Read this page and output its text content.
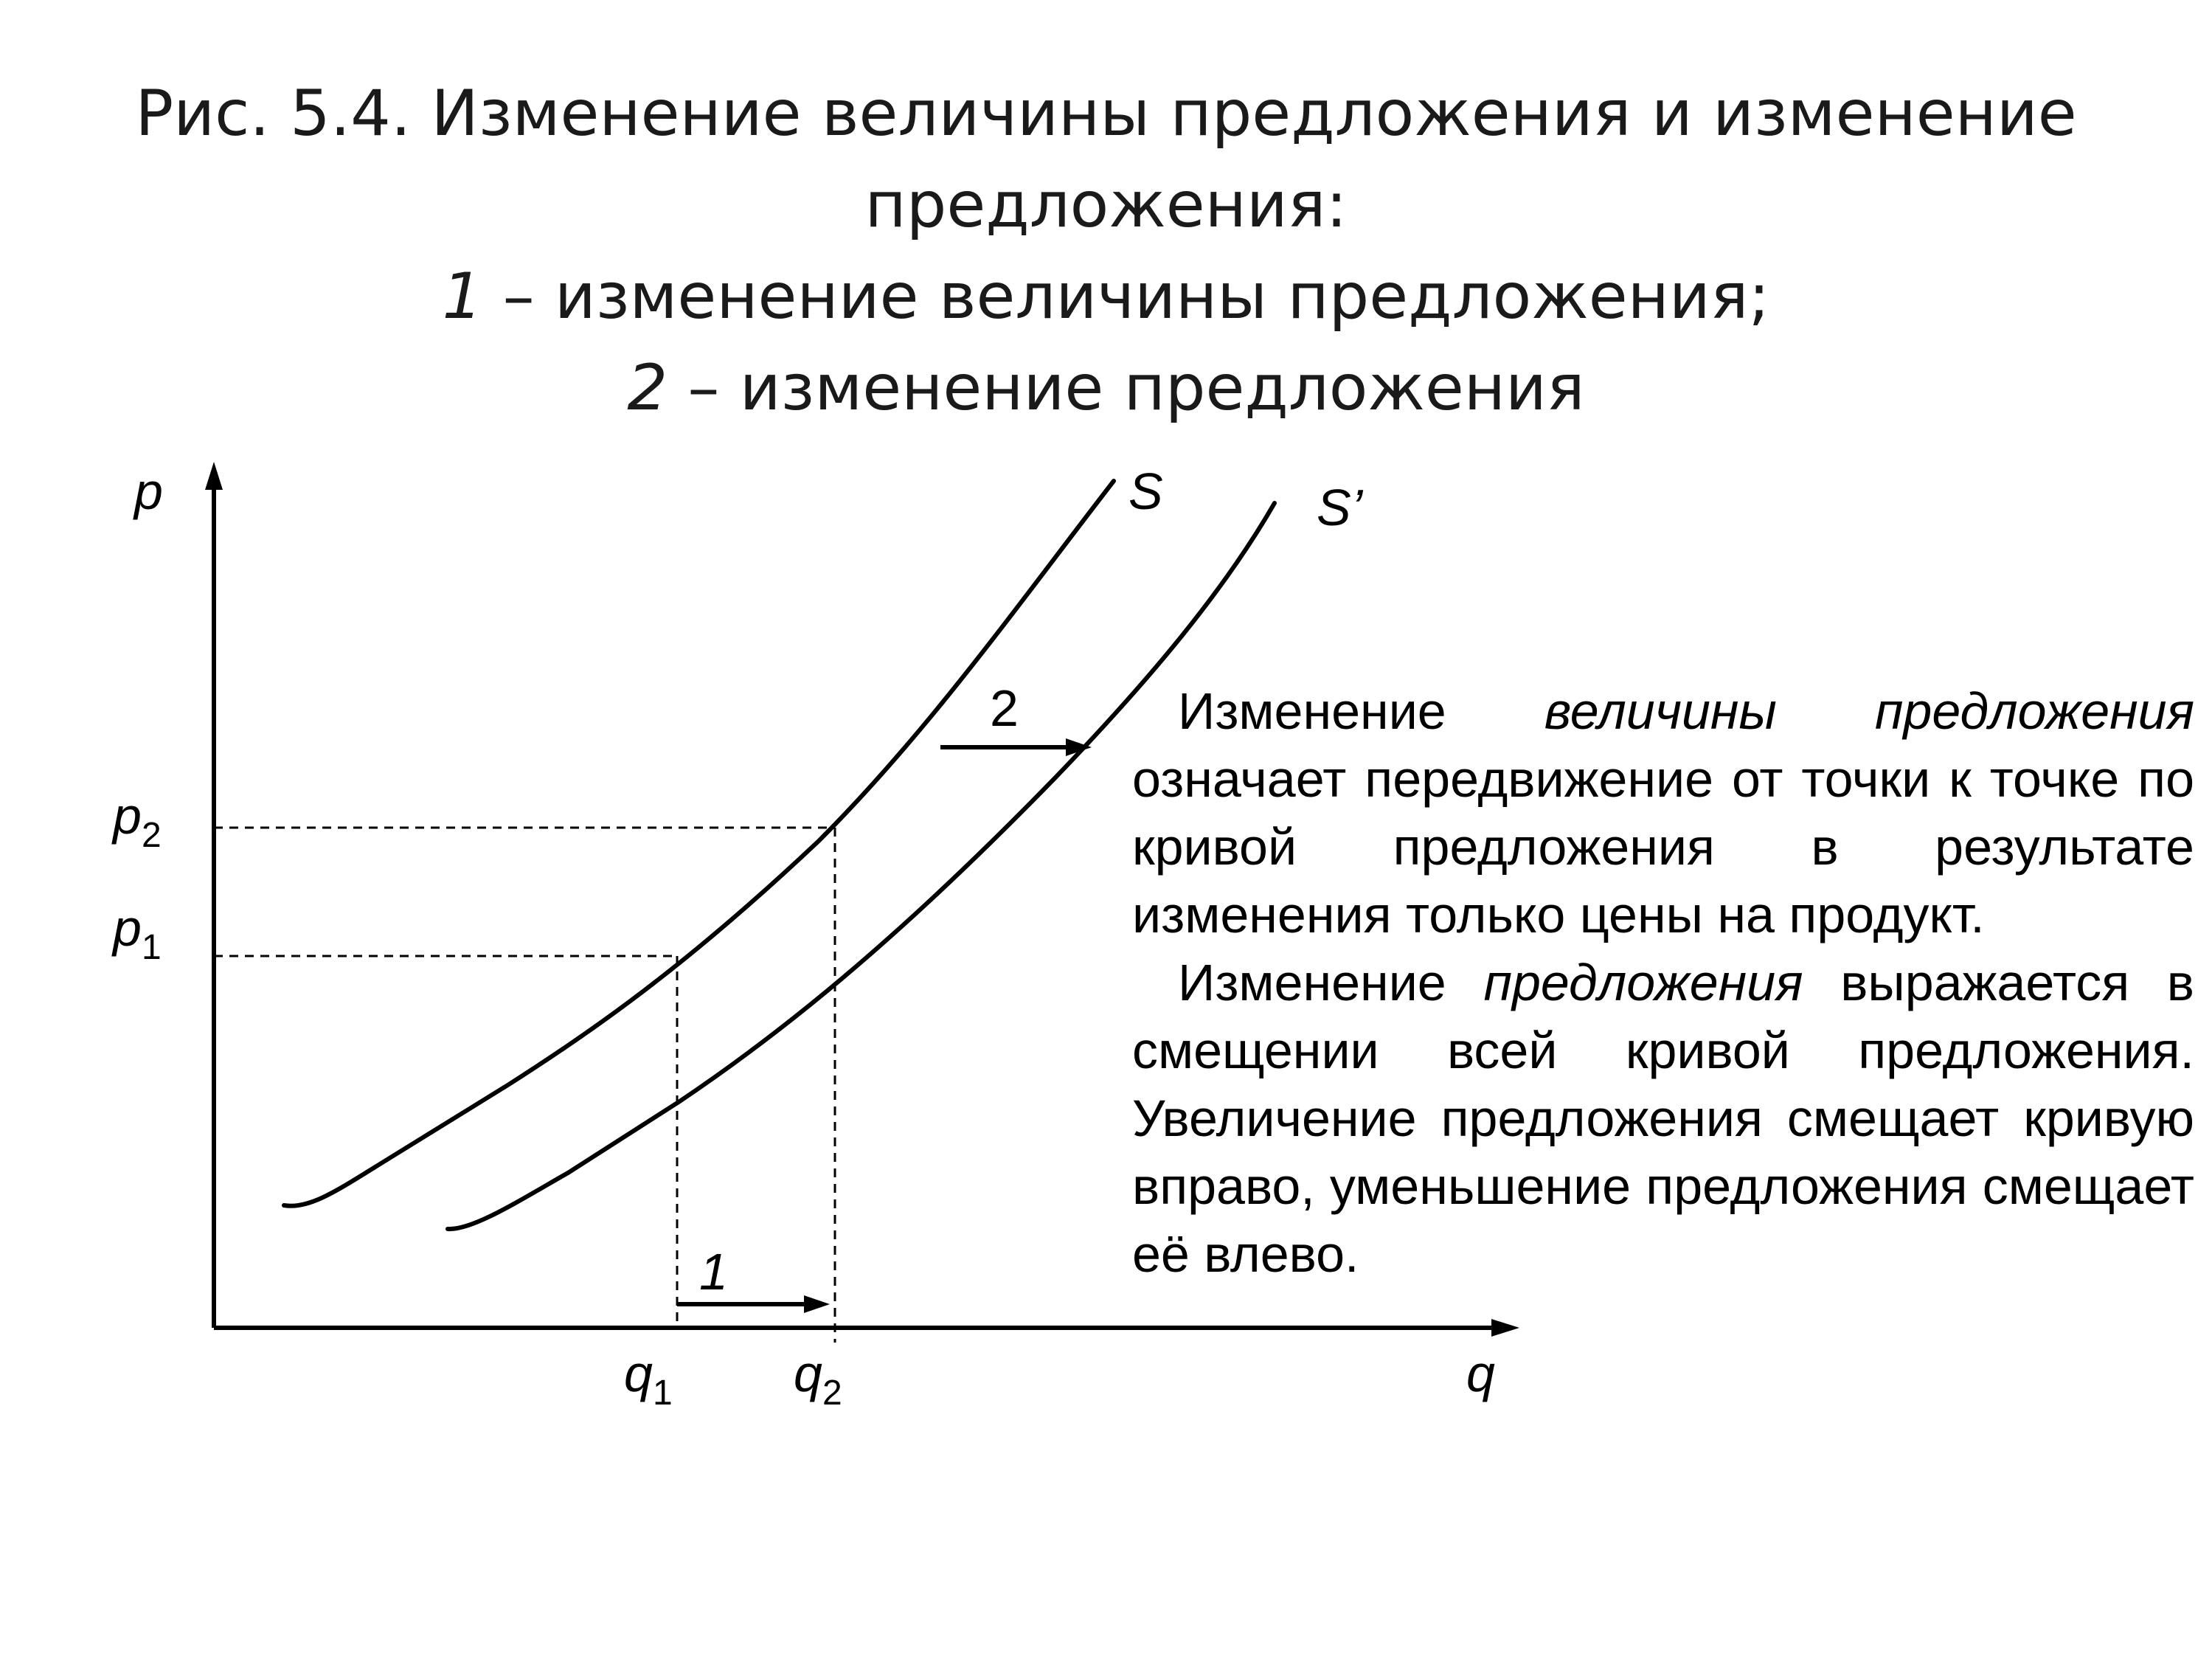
Рис. 5.4. Изменение величины предложения и изменение
предложения:
1 – изменение величины предложения;
2 – изменение предложения
p
q
S	S’
$p_2$
$p_1$
$q_1$ $q_2$
1
2	Изменение величины предложения означает передвижение от точки к точке по кривой предложения в результате изменения только цены на продукт.

Изменение предложения выражается в смещении всей кривой предложения. Увеличение предложения смещает кривую вправо, уменьшение предложения смещает её влево.
